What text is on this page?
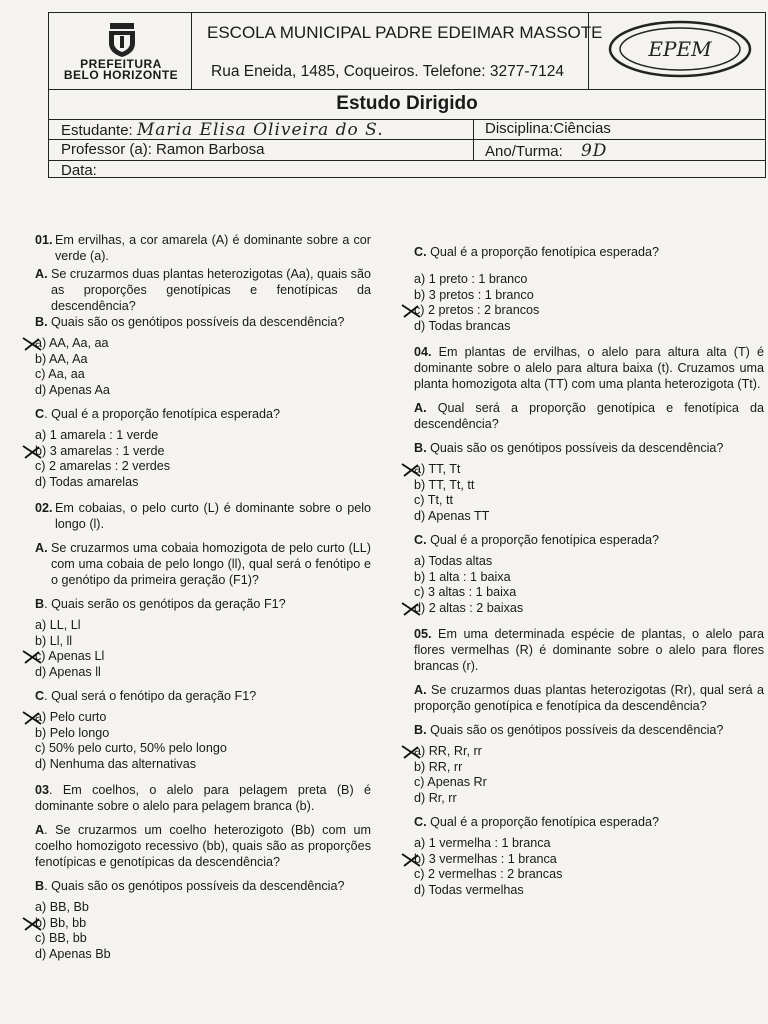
PREFEITURA
BELO HORIZONTE
ESCOLA MUNICIPAL PADRE EDEIMAR MASSOTE
Rua Eneida, 1485, Coqueiros. Telefone: 3277-7124
EPEM
Estudo Dirigido
Estudante: Maria Elisa Oliveira do S.	Disciplina:Ciências
Professor (a): Ramon Barbosa	Ano/Turma: 9D
Data:
01. Em ervilhas, a cor amarela (A) é dominante sobre a cor verde (a).
A. Se cruzarmos duas plantas heterozigotas (Aa), quais são as proporções genotípicas e fenotípicas da descendência?
B. Quais são os genótipos possíveis da descendência?
a) AA, Aa, aa
b) AA, Aa
c) Aa, aa
d) Apenas Aa

C. Qual é a proporção fenotípica esperada?

a) 1 amarela : 1 verde
b) 3 amarelas : 1 verde
c) 2 amarelas : 2 verdes
d) Todas amarelas
02. Em cobaias, o pelo curto (L) é dominante sobre o pelo longo (l).
A. Se cruzarmos uma cobaia homozigota de pelo curto (LL) com uma cobaia de pelo longo (ll), qual será o fenótipo e o genótipo da primeira geração (F1)?

B. Quais serão os genótipos da geração F1?

a) LL, Ll
b) Ll, ll
c) Apenas Ll
d) Apenas ll

C. Qual será o fenótipo da geração F1?

a) Pelo curto
b) Pelo longo
c) 50% pelo curto, 50% pelo longo
d) Nenhuma das alternativas
03. Em coelhos, o alelo para pelagem preta (B) é dominante sobre o alelo para pelagem branca (b).
A. Se cruzarmos um coelho heterozigoto (Bb) com um coelho homozigoto recessivo (bb), quais são as proporções fenotípicas e genotípicas da descendência?

B. Quais são os genótipos possíveis da descendência?

a) BB, Bb
b) Bb, bb
c) BB, bb
d) Apenas Bb

C. Qual é a proporção fenotípica esperada?

a) 1 preto : 1 branco
b) 3 pretos : 1 branco
c) 2 pretos : 2 brancos
d) Todas brancas
04. Em plantas de ervilhas, o alelo para altura alta (T) é dominante sobre o alelo para altura baixa (t). Cruzamos uma planta homozigota alta (TT) com uma planta heterozigota (Tt).
A. Qual será a proporção genotípica e fenotípica da descendência?

B. Quais são os genótipos possíveis da descendência?

a) TT, Tt
b) TT, Tt, tt
c) Tt, tt
d) Apenas TT

C. Qual é a proporção fenotípica esperada?

a) Todas altas
b) 1 alta : 1 baixa
c) 3 altas : 1 baixa
d) 2 altas : 2 baixas
05. Em uma determinada espécie de plantas, o alelo para flores vermelhas (R) é dominante sobre o alelo para flores brancas (r).
A. Se cruzarmos duas plantas heterozigotas (Rr), qual será a proporção genotípica e fenotípica da descendência?

B. Quais são os genótipos possíveis da descendência?

a) RR, Rr, rr
b) RR, rr
c) Apenas Rr
d) Rr, rr

C. Qual é a proporção fenotípica esperada?

a) 1 vermelha : 1 branca
b) 3 vermelhas : 1 branca
c) 2 vermelhas : 2 brancas
d) Todas vermelhas
